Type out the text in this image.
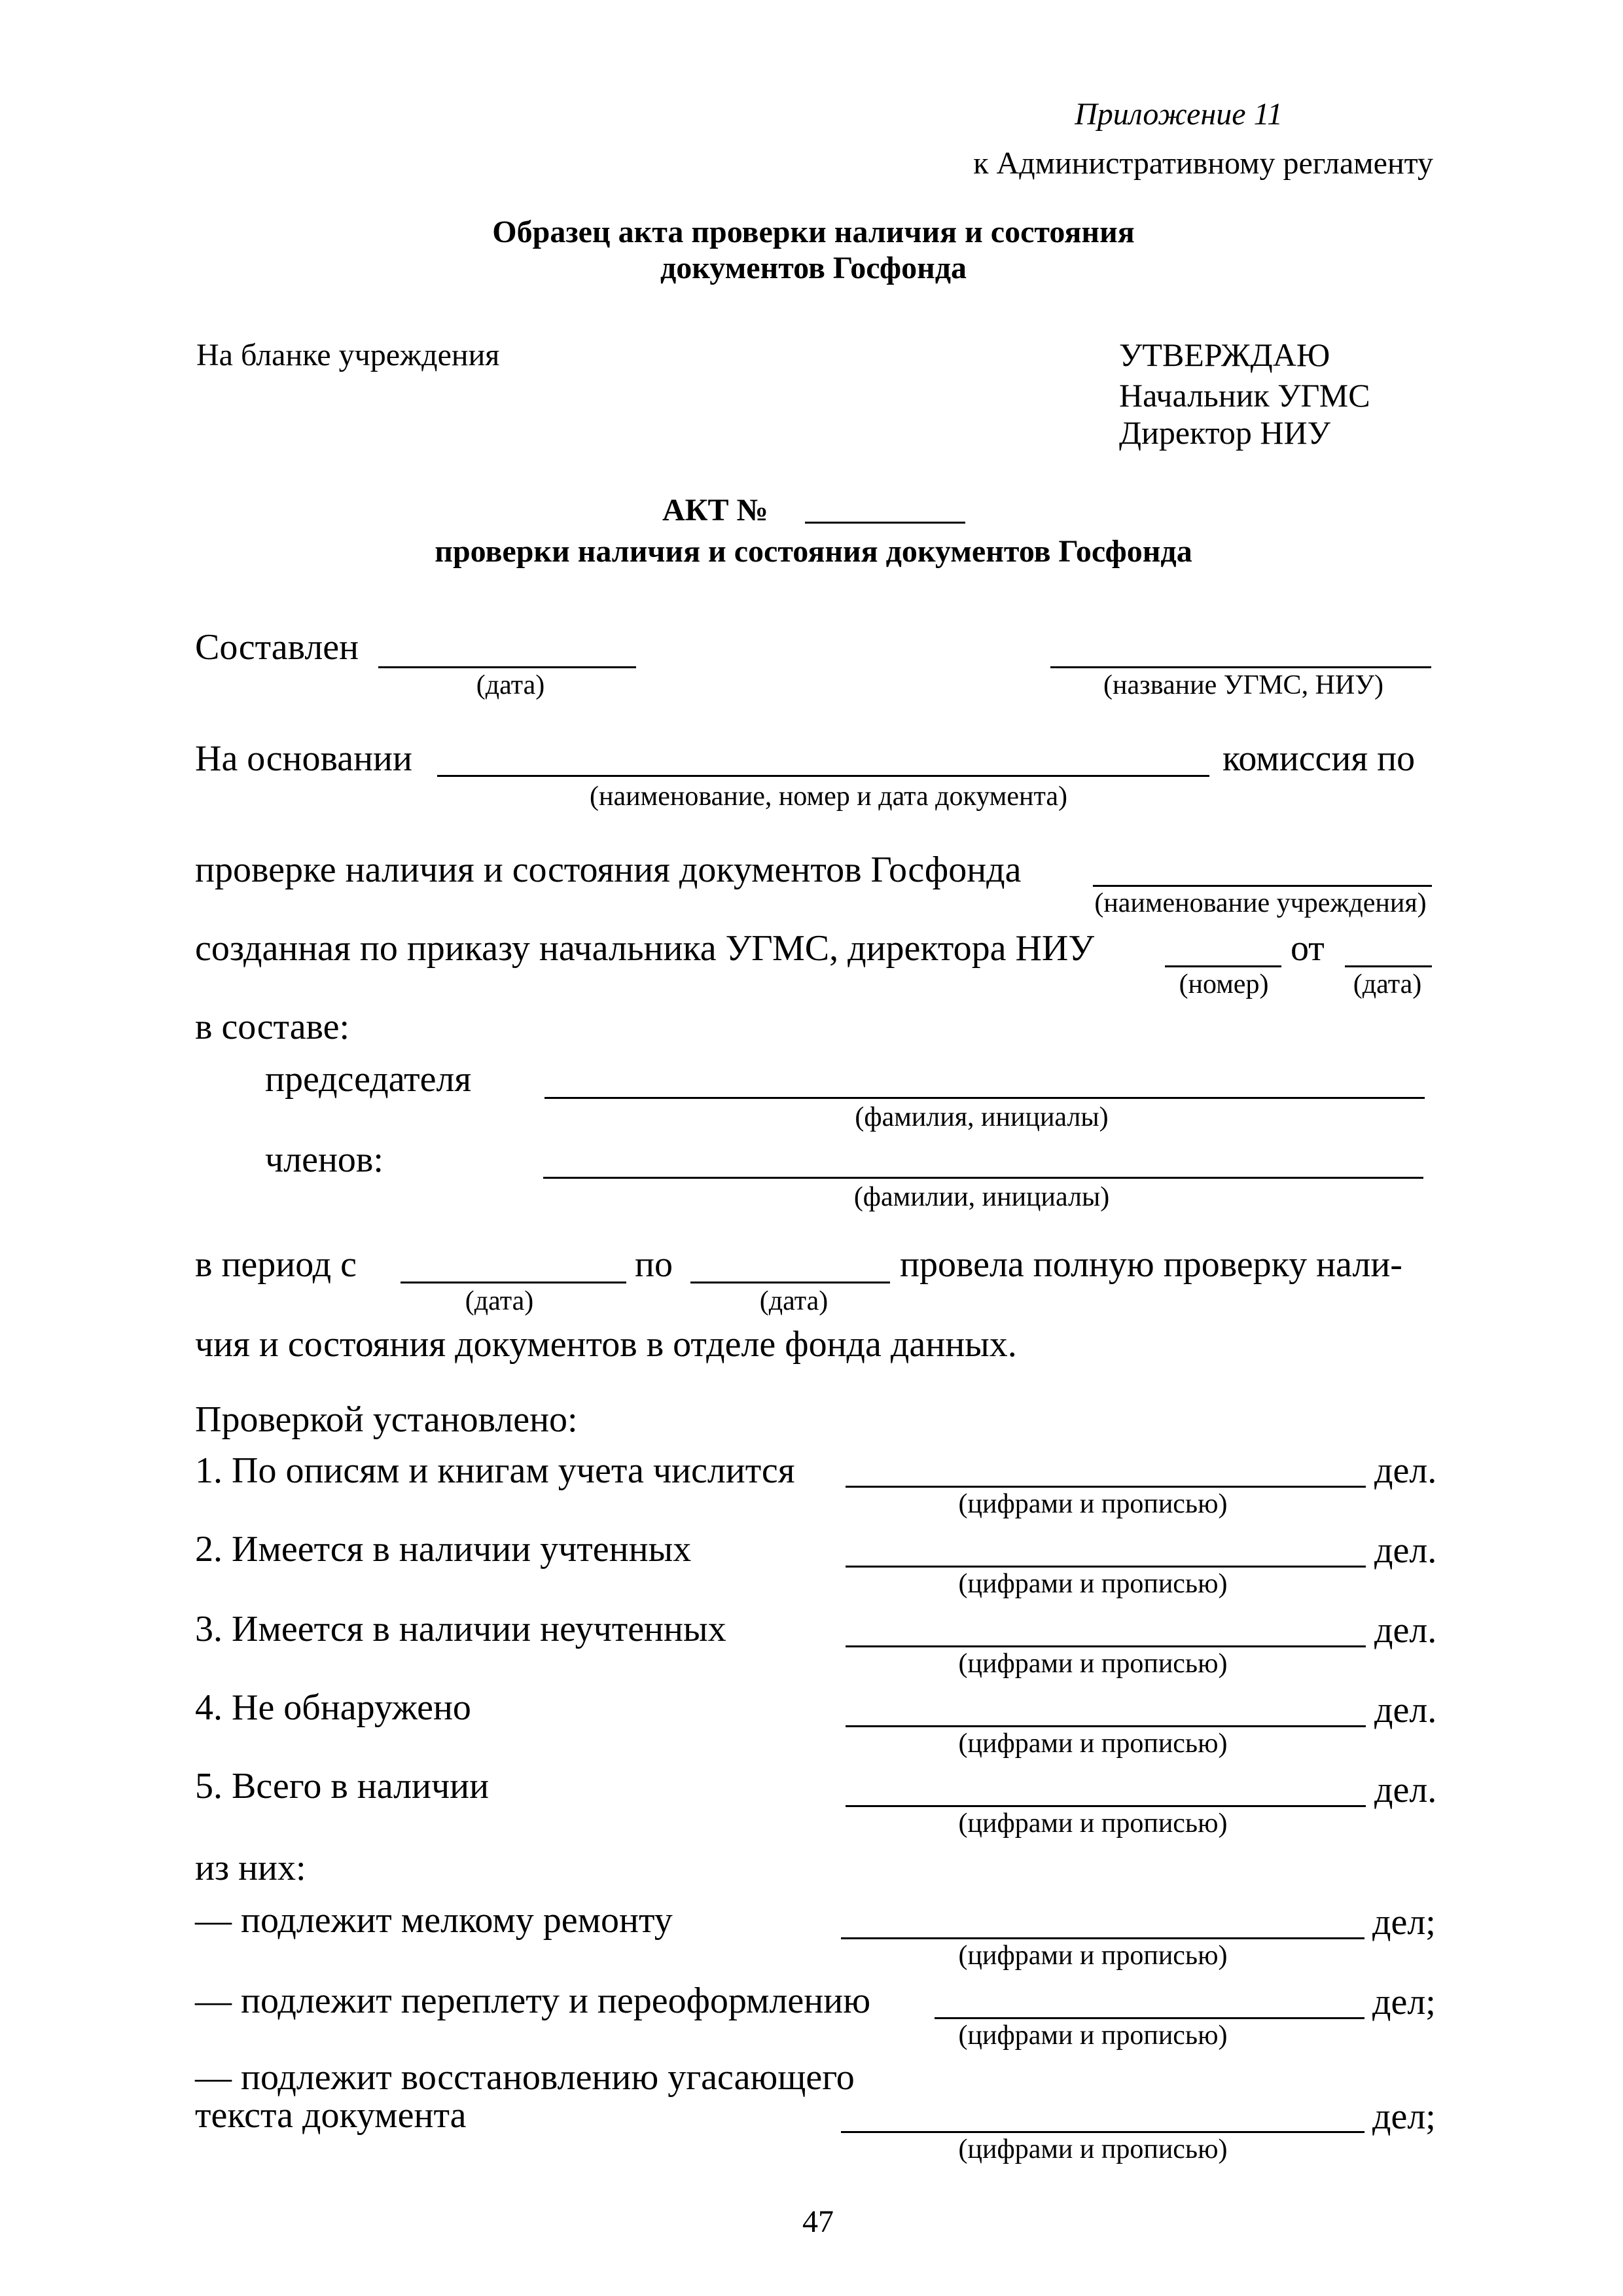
Приложение 11
к Административному регламенту
Образец акта проверки наличия и состояния
документов Госфонда
На бланке учреждения	УТВЕРЖДАЮ
Начальник УГМС
Директор НИУ
АКТ №
проверки наличия и состояния документов Госфонда
Составлен
(дата)	(название УГМС, НИУ)
На основании	комиссия по
(наименование, номер и дата документа)
проверке наличия и состояния документов Госфонда
(наименование учреждения)
созданная по приказу начальника УГМС, директора НИУ	от
(номер)	(дата)
в составе:
председателя
(фамилия, инициалы)
членов:
(фамилии, инициалы)
в период с	по	провела полную проверку нали-
(дата)	(дата)
чия и состояния документов в отделе фонда данных.
Проверкой установлено:
1. По описям и книгам учета числится	дел.
(цифрами и прописью)
2. Имеется в наличии учтенных	дел.
(цифрами и прописью)
3. Имеется в наличии неучтенных	дел.
(цифрами и прописью)
4. Не обнаружено	дел.
(цифрами и прописью)
5. Всего в наличии	дел.
(цифрами и прописью)
из них:
— подлежит мелкому ремонту	дел;
(цифрами и прописью)
— подлежит переплету и переоформлению	дел;
(цифрами и прописью)
— подлежит восстановлению угасающего
текста документа	дел;
(цифрами и прописью)
47
